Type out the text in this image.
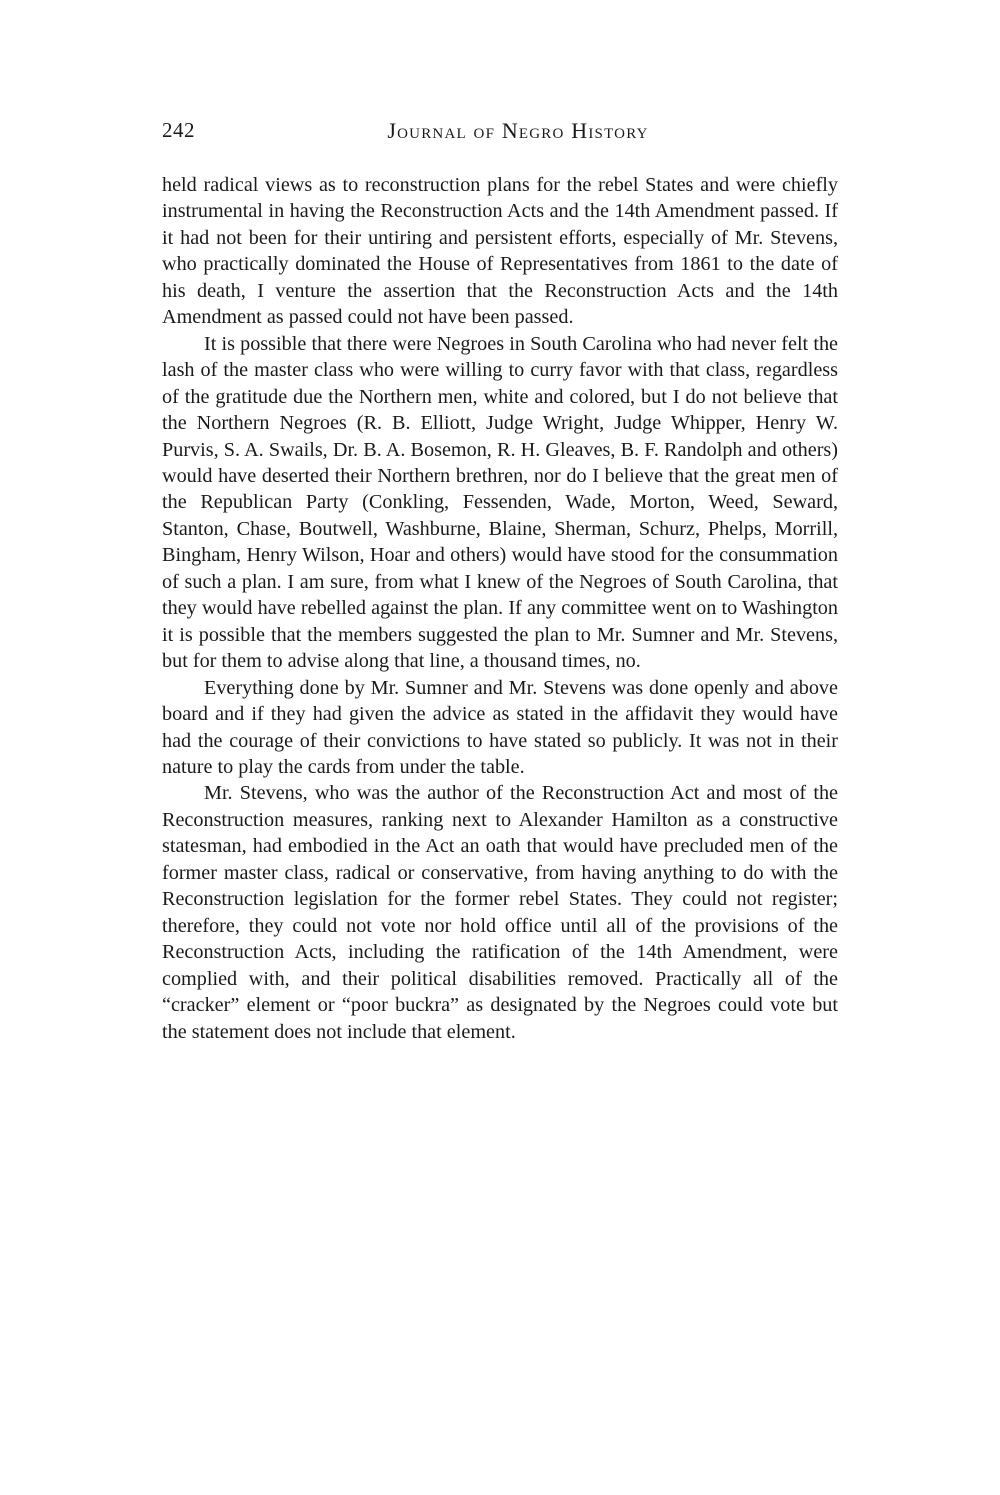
242	Journal of Negro History

held radical views as to reconstruction plans for the rebel States and were chiefly instrumental in having the Reconstruction Acts and the 14th Amendment passed. If it had not been for their untiring and persistent efforts, especially of Mr. Stevens, who practically dominated the House of Representatives from 1861 to the date of his death, I venture the assertion that the Reconstruction Acts and the 14th Amendment as passed could not have been passed.

It is possible that there were Negroes in South Carolina who had never felt the lash of the master class who were willing to curry favor with that class, regardless of the gratitude due the Northern men, white and colored, but I do not believe that the Northern Negroes (R. B. Elliott, Judge Wright, Judge Whipper, Henry W. Purvis, S. A. Swails, Dr. B. A. Bosemon, R. H. Gleaves, B. F. Randolph and others) would have deserted their Northern brethren, nor do I believe that the great men of the Republican Party (Conkling, Fessenden, Wade, Morton, Weed, Seward, Stanton, Chase, Boutwell, Washburne, Blaine, Sherman, Schurz, Phelps, Morrill, Bingham, Henry Wilson, Hoar and others) would have stood for the consummation of such a plan. I am sure, from what I knew of the Negroes of South Carolina, that they would have rebelled against the plan. If any committee went on to Washington it is possible that the members suggested the plan to Mr. Sumner and Mr. Stevens, but for them to advise along that line, a thousand times, no.

Everything done by Mr. Sumner and Mr. Stevens was done openly and above board and if they had given the advice as stated in the affidavit they would have had the courage of their convictions to have stated so publicly. It was not in their nature to play the cards from under the table.

Mr. Stevens, who was the author of the Reconstruction Act and most of the Reconstruction measures, ranking next to Alexander Hamilton as a constructive statesman, had embodied in the Act an oath that would have precluded men of the former master class, radical or conservative, from having anything to do with the Reconstruction legislation for the former rebel States. They could not register; therefore, they could not vote nor hold office until all of the provisions of the Reconstruction Acts, including the ratification of the 14th Amendment, were complied with, and their political disabilities removed. Practically all of the “cracker” element or “poor buckra” as designated by the Negroes could vote but the statement does not include that element.
